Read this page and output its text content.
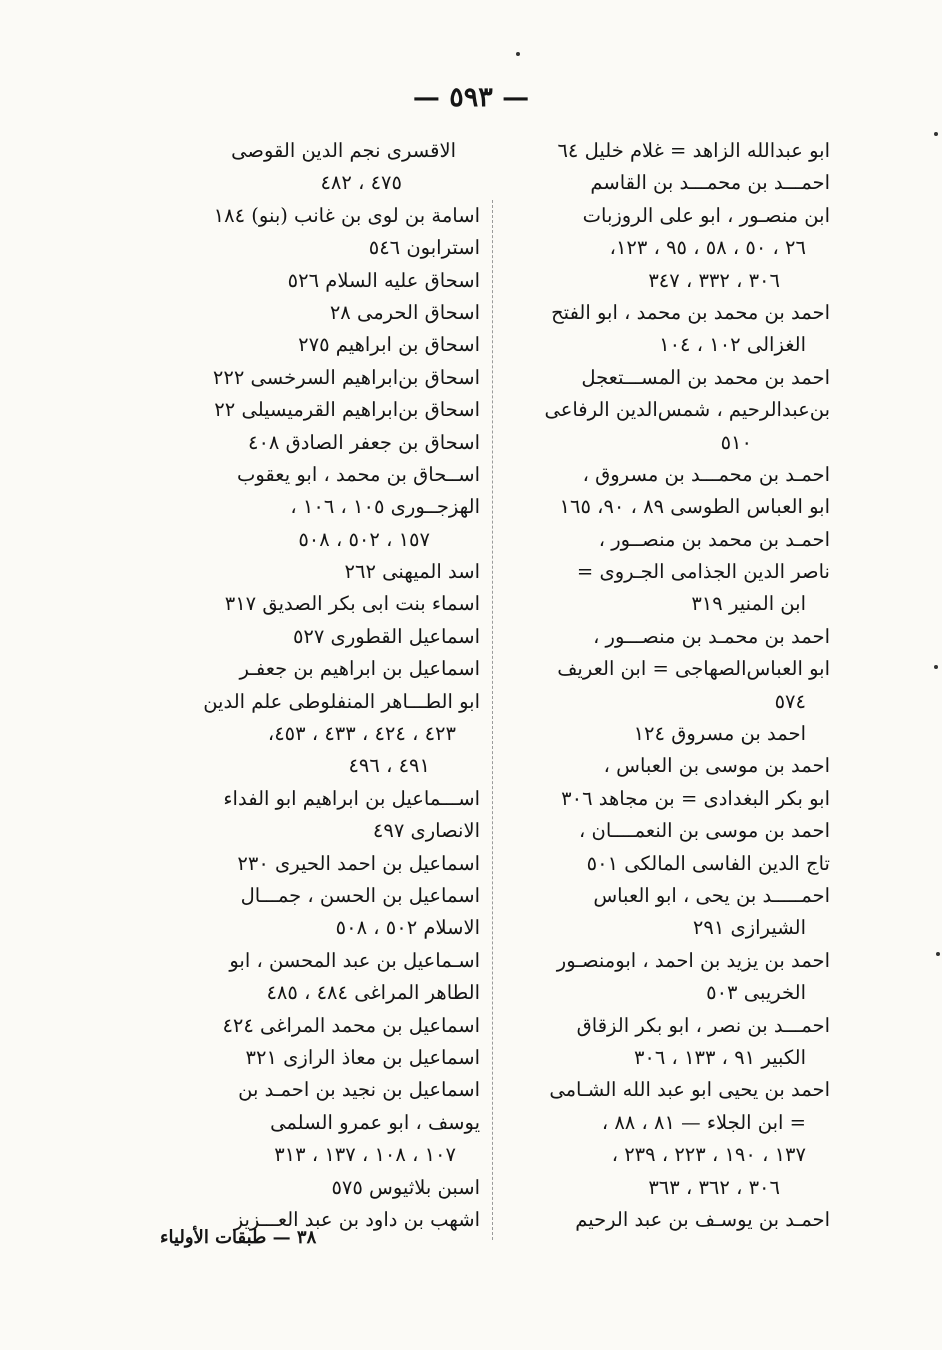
— ٥٩٣ —
ابو عبدالله الزاهد = غلام خليل ٦٤
احمـــد بن محمـــد بن القاسم
ابن منصـور ، ابو على الروزبات
٢٦ ، ٥٠ ، ٥٨ ، ٩٥ ، ١٢٣،
٣٠٦ ، ٣٣٢ ، ٣٤٧
احمد بن محمد بن محمد ، ابو الفتح
الغزالى ١٠٢ ، ١٠٤
احمد بن محمد بن المســـتعجل
بن‌عبدالرحيم ، شمس‌الدين الرفاعى
٥١٠
احمـد بن محمـــد بن مسروق ،
ابو العباس الطوسى ٨٩ ، ٩٠، ١٦٥
احمـد بن محمد بن منصــور ،
ناصر الدين الجذامى الجـروى =
ابن المنير ٣١٩
احمد بن محمـد بن منصـــور ،
ابو العباس‌الصهاجى = ابن العريف
٥٧٤
احمد بن مسروق ١٢٤
احمد بن موسى بن العباس ،
ابو بكر البغدادى = بن مجاهد ٣٠٦
احمد بن موسى بن النعمــــان ،
تاج الدين الفاسى المالكى ٥٠١
احمـــــد بن يحى ، ابو العباس
الشيرازى ٢٩١
احمد بن يزيد بن احمد ، ابومنصـور
الخريبى ٥٠٣
احمـــد بن نصر ، ابو بكر الزقاق
الكبير ٩١ ، ١٣٣ ، ٣٠٦
احمد بن يحيى ابو عبد الله الشـامى
= ابن الجلاء — ٨١ ، ٨٨ ،
١٣٧ ، ١٩٠ ، ٢٢٣ ، ٢٣٩ ،
٣٠٦ ، ٣٦٢ ، ٣٦٣
احمـد بن يوسـف بن عبد الرحيم
الاقسرى نجم الدين القوصى
٤٧٥ ، ٤٨٢
اسامة بن لوى بن غانب (بنو) ١٨٤
استرابون ٥٤٦
اسحاق عليه السلام ٥٢٦
اسحاق الحرمى ٢٨
اسحاق بن ابراهيم ٢٧٥
اسحاق بن‌ابراهيم السرخسى ٢٢٢
اسحاق بن‌ابراهيم القرميسيلى ٢٢
اسحاق بن جعفر الصادق ٤٠٨
اســحاق بن محمد ، ابو يعقوب
الهزجــورى ١٠٥ ، ١٠٦ ،
١٥٧ ، ٥٠٢ ، ٥٠٨
اسد الميهنى ٢٦٢
اسماء بنت ابى بكر الصديق ٣١٧
اسماعيل القطورى ٥٢٧
اسماعيل بن ابراهيم بن جعفـر
ابو الطـــاهر المنفلوطى علم الدين
٤٢٣ ، ٤٢٤ ، ٤٣٣ ، ٤٥٣،
٤٩١ ، ٤٩٦
اســـماعيل بن ابراهيم ابو الفداء
الانصارى ٤٩٧
اسماعيل بن احمد الحيرى ٢٣٠
اسماعيل بن الحسن ، جمـــال
الاسلام ٥٠٢ ، ٥٠٨
اسـماعيل بن عبد المحسن ، ابو
الطاهر المراغى ٤٨٤ ، ٤٨٥
اسماعيل بن محمد المراغى ٤٢٤
اسماعيل بن معاذ الرازى ٣٢١
اسماعيل بن نجيد بن احمـد بن
يوسف ، ابو عمرو السلمى
١٠٧ ، ١٠٨ ، ١٣٧ ، ٣١٣
اسبن بلاثيوس ٥٧٥
اشهب بن داود بن عبد العـــزيز
٣٨ — طبقات الأولياء
